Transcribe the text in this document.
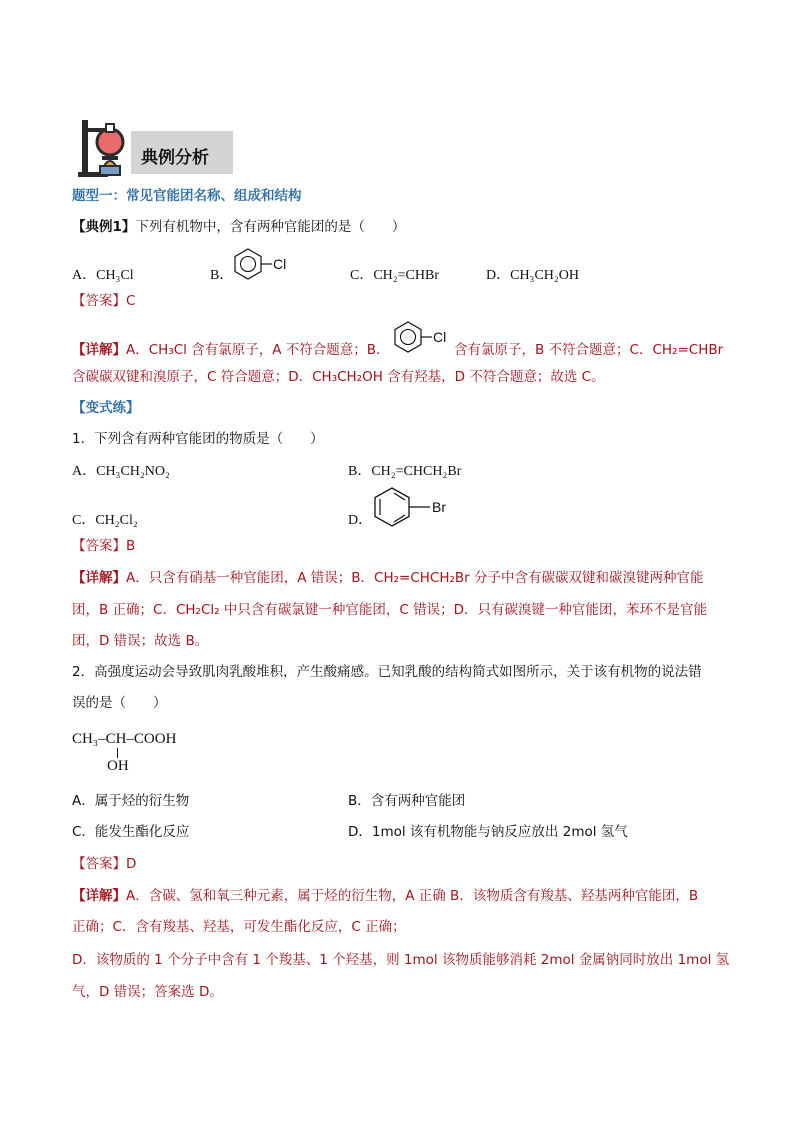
典例分析
题型一：常见官能团名称、组成和结构
【典例1】下列有机物中，含有两种官能团的是（　　）
A．CH₃Cl	B．
Cl
C．CH₂=CHBr	D．CH₃CH₂OH
【答案】C
【详解】A．CH₃Cl 含有氯原子，A 不符合题意；B．
Cl
含有氯原子，B 不符合题意；C．CH₂=CHBr
含碳碳双键和溴原子，C 符合题意；D．CH₃CH₂OH 含有羟基，D 不符合题意；故选 C。
【变式练】
1．下列含有两种官能团的物质是（　　）
A．CH₃CH₂NO₂	B．CH₂=CHCH₂Br
C．CH₂Cl₂	D．
Br
【答案】B
【详解】A．只含有硝基一种官能团，A 错误；B．CH₂=CHCH₂Br 分子中含有碳碳双键和碳溴键两种官能
团，B 正确；C．CH₂Cl₂ 中只含有碳氯键一种官能团，C 错误；D．只有碳溴键一种官能团，苯环不是官能
团，D 错误；故选 B。
2．高强度运动会导致肌肉乳酸堆积，产生酸痛感。已知乳酸的结构简式如图所示，关于该有机物的说法错
误的是（　　）
CH₃–CH–COOH
OH
A．属于烃的衍生物	B．含有两种官能团
C．能发生酯化反应	D．1mol 该有机物能与钠反应放出 2mol 氢气
【答案】D
【详解】A．含碳、氢和氧三种元素，属于烃的衍生物，A 正确 B．该物质含有羧基、羟基两种官能团，B
正确；C．含有羧基、羟基，可发生酯化反应，C 正确；
D．该物质的 1 个分子中含有 1 个羧基、1 个羟基，则 1mol 该物质能够消耗 2mol 金属钠同时放出 1mol 氢
气，D 错误；答案选 D。
